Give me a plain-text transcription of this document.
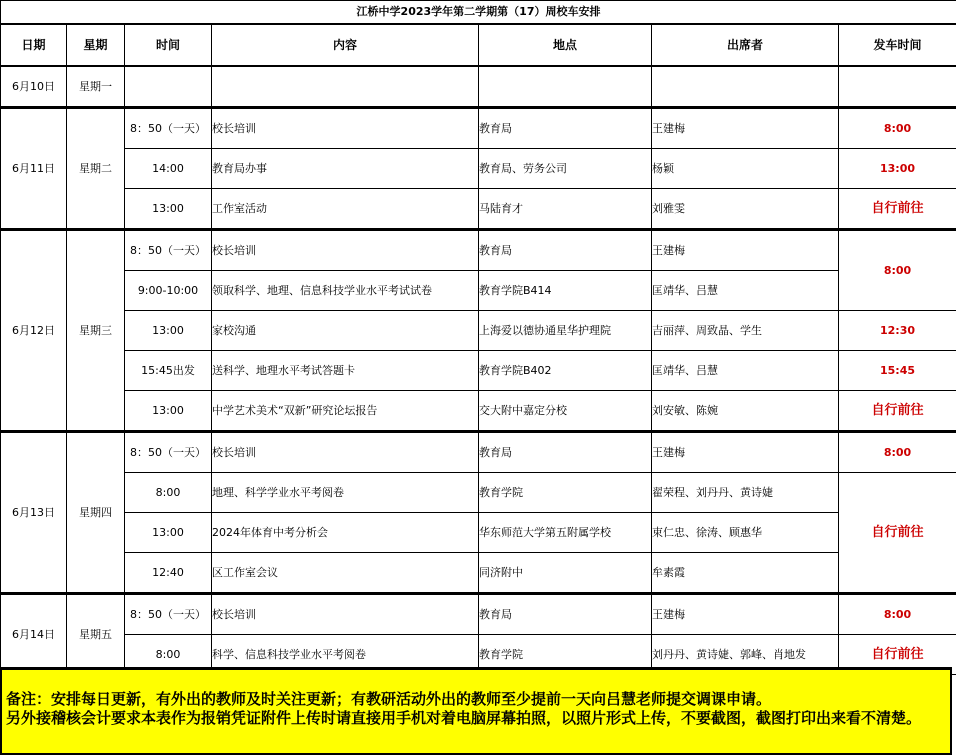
江桥中学2023学年第二学期第（17）周校车安排						
日期	星期	时间	内容	地点	出席者	发车时间
6月10日	星期一					
6月11日	星期二	8：50（一天）	校长培训	教育局	王建梅	8:00
		14:00	教育局办事	教育局、劳务公司	杨颖	13:00
		13:00	工作室活动	马陆育才	刘雅雯	自行前往
6月12日	星期三	8：50（一天）	校长培训	教育局	王建梅	8:00
		9:00-10:00	领取科学、地理、信息科技学业水平考试试卷	教育学院B414	匡靖华、吕慧	
		13:00	家校沟通	上海爱以德协通星华护理院	吉丽萍、周致晶、学生	12:30
		15:45出发	送科学、地理水平考试答题卡	教育学院B402	匡靖华、吕慧	15:45
		13:00	中学艺术美术“双新”研究论坛报告	交大附中嘉定分校	刘安敏、陈婉	自行前往
6月13日	星期四	8：50（一天）	校长培训	教育局	王建梅	8:00
		8:00	地理、科学学业水平考阅卷	教育学院	翟荣程、刘丹丹、黄诗婕	自行前往
		13:00	2024年体育中考分析会	华东师范大学第五附属学校	束仁忠、徐涛、顾惠华	
		12:40	区工作室会议	同济附中	牟素霞	
6月14日	星期五	8：50（一天）	校长培训	教育局	王建梅	8:00
		8:00	科学、信息科技学业水平考阅卷	教育学院	刘丹丹、黄诗婕、郭峰、肖地发	自行前往

备注：安排每日更新，有外出的教师及时关注更新；有教研活动外出的教师至少提前一天向吕慧老师提交调课申请。

另外接稽核会计要求本表作为报销凭证附件上传时请直接用手机对着电脑屏幕拍照，以照片形式上传，不要截图，截图打印出来看不清楚。
